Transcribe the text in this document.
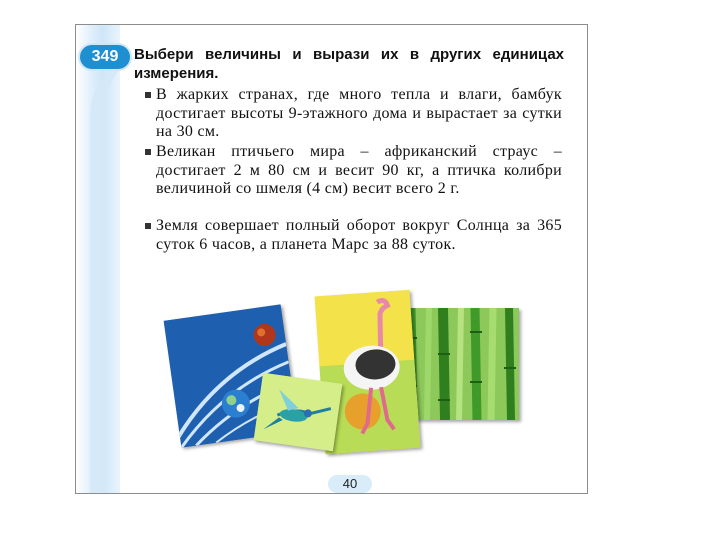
349	Выбери величины и вырази их в других единицах измерения.
В жарких странах, где много тепла и влаги, бамбук достигает высоты 9-этажного дома и вырастает за сутки на 30 см.
Великан птичьего мира – африканский страус – достигает 2 м 80 см и весит 90 кг, а птичка колибри величиной со шмеля (4 см) весит всего 2 г.
Земля совершает полный оборот вокруг Солнца за 365 суток 6 часов, а планета Марс за 88 суток.
40
